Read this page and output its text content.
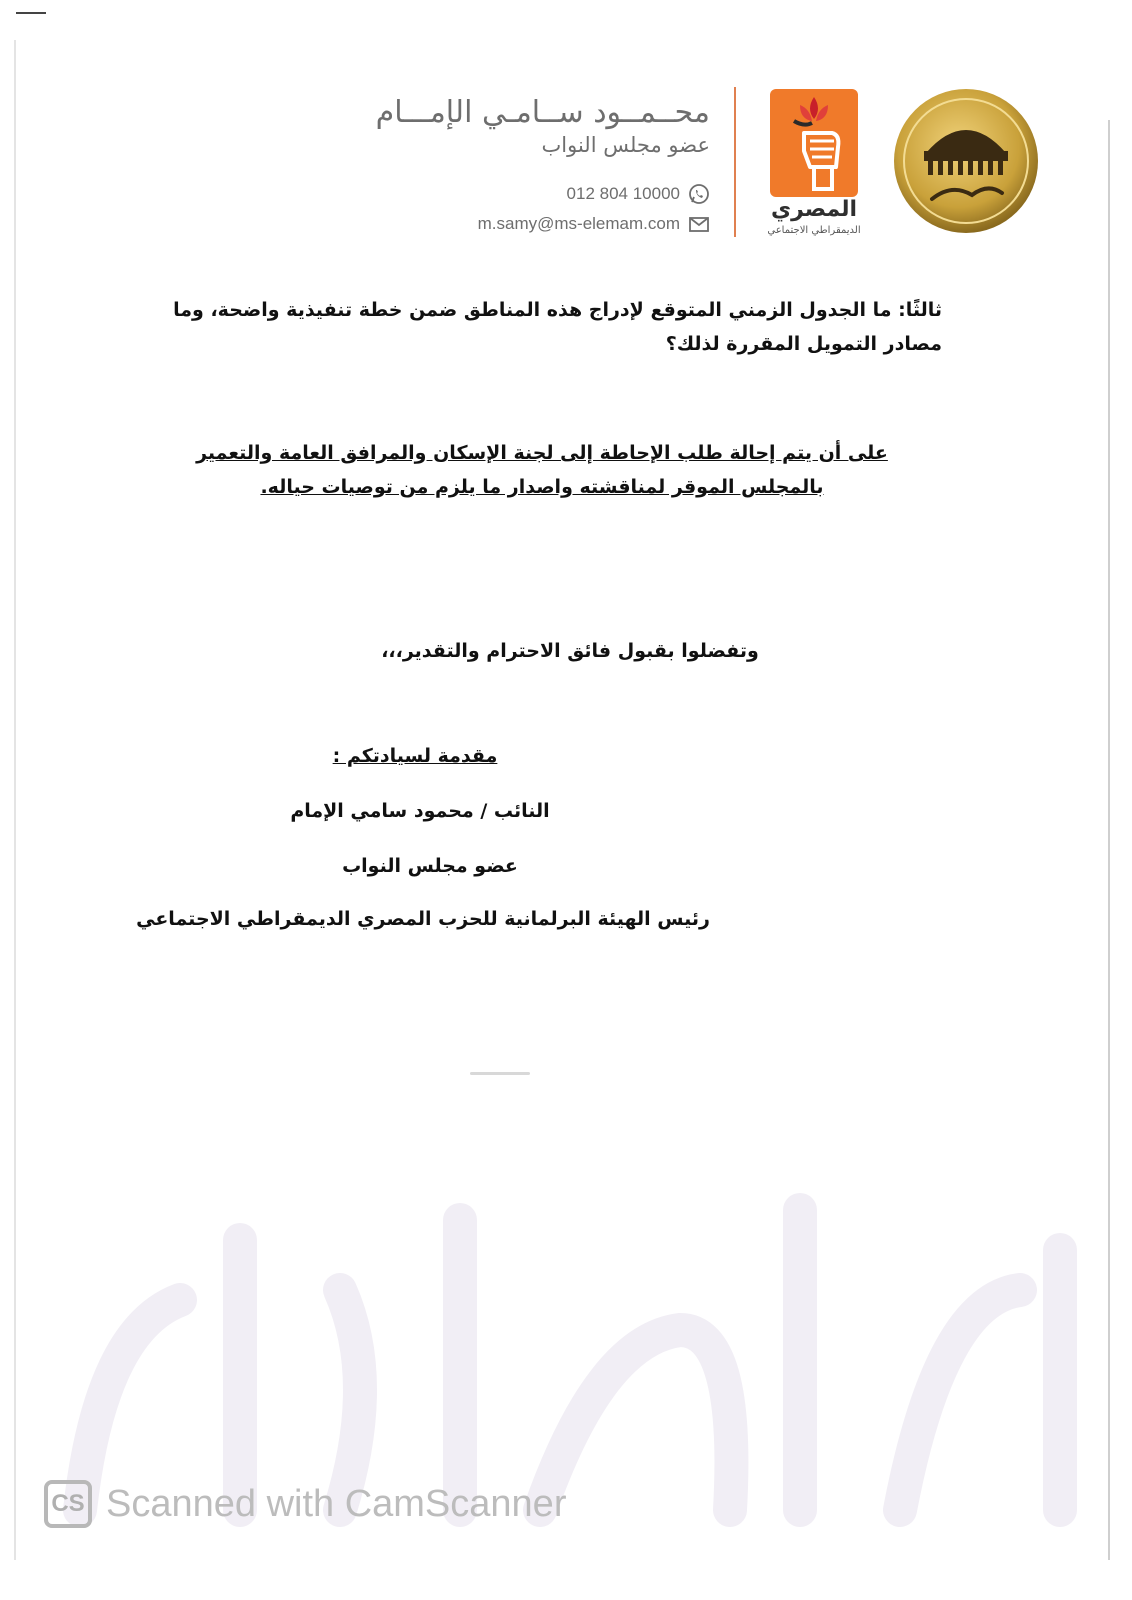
المصري
الديمقراطي الاجتماعي
محــمــود ســامـي الإمـــام
عضو مجلس النواب
012 804 10000
m.samy@ms-elemam.com
ثالثًا: ما الجدول الزمني المتوقع لإدراج هذه المناطق ضمن خطة تنفيذية واضحة، وما مصادر التمويل المقررة لذلك؟
على أن يتم إحالة طلب الإحاطة إلى لجنة الإسكان والمرافق العامة والتعمير بالمجلس الموقر لمناقشته واصدار ما يلزم من توصيات حياله.
وتفضلوا بقبول فائق الاحترام والتقدير،،،
مقدمة لسيادتكم :
النائب / محمود سامي الإمام
عضو مجلس النواب
رئيس الهيئة البرلمانية للحزب المصري الديمقراطي الاجتماعي
CS Scanned with CamScanner
